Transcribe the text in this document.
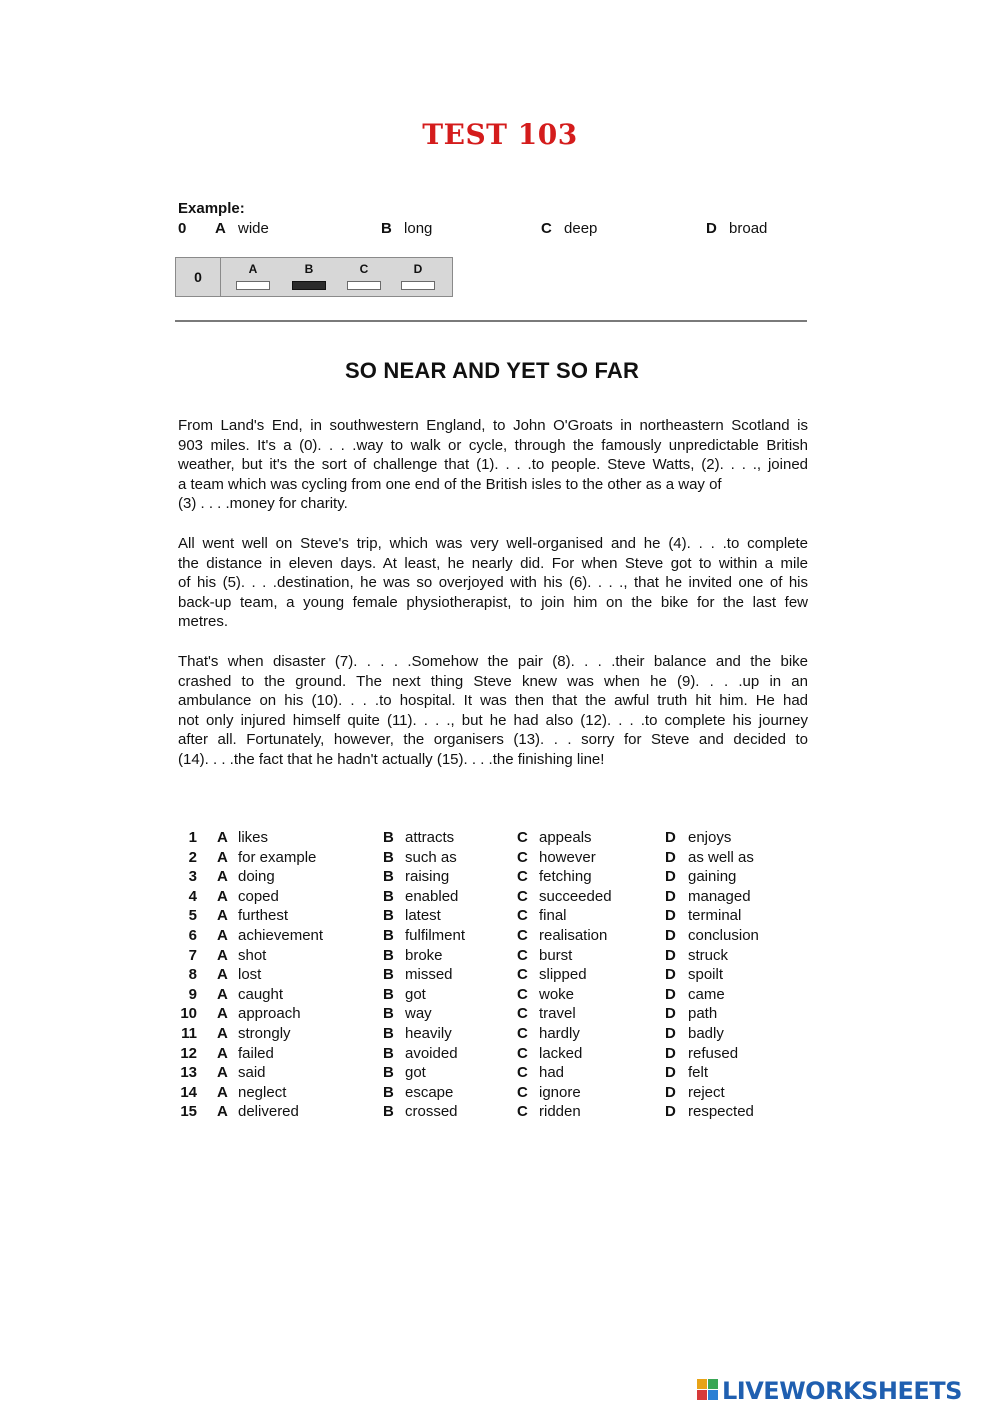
TEST 103
Example:
0 A wide	B long	C deep	D broad
0	A	B	C	D
SO NEAR AND YET SO FAR
From Land's End, in southwestern England, to John O'Groats in northeastern Scotland is
903 miles. It's a (0). . . .way to walk or cycle, through the famously unpredictable British
weather, but it's the sort of challenge that (1). . . .to people. Steve Watts, (2). . . ., joined
a team which was cycling from one end of the British isles to the other as a way of
(3) . . . .money for charity.
All went well on Steve's trip, which was very well-organised and he (4). . . .to complete
the distance in eleven days. At least, he nearly did. For when Steve got to within a mile
of his (5). . . .destination, he was so overjoyed with his (6). . . ., that he invited one of his
back-up team, a young female physiotherapist, to join him on the bike for the last few
metres.
That's when disaster (7). . . . .Somehow the pair (8). . . .their balance and the bike
crashed to the ground. The next thing Steve knew was when he (9). . . .up in an
ambulance on his (10). . . .to hospital. It was then that the awful truth hit him. He had
not only injured himself quite (11). . . ., but he had also (12). . . .to complete his journey
after all. Fortunately, however, the organisers (13). . . sorry for Steve and decided to
(14). . . .the fact that he hadn't actually (15). . . .the finishing line!
1 A likes	B attracts	C appeals	D enjoys
2 A for example	B such as	C however	D as well as
3 A doing	B raising	C fetching	D gaining
4 A coped	B enabled	C succeeded	D managed
5 A furthest	B latest	C final	D terminal
6 A achievement	B fulfilment	C realisation	D conclusion
7 A shot	B broke	C burst	D struck
8 A lost	B missed	C slipped	D spoilt
9 A caught	B got	C woke	D came
10 A approach	B way	C travel	D path
11 A strongly	B heavily	C hardly	D badly
12 A failed	B avoided	C lacked	D refused
13 A said	B got	C had	D felt
14 A neglect	B escape	C ignore	D reject
15 A delivered	B crossed	C ridden	D respected
LIVEWORKSHEETS
